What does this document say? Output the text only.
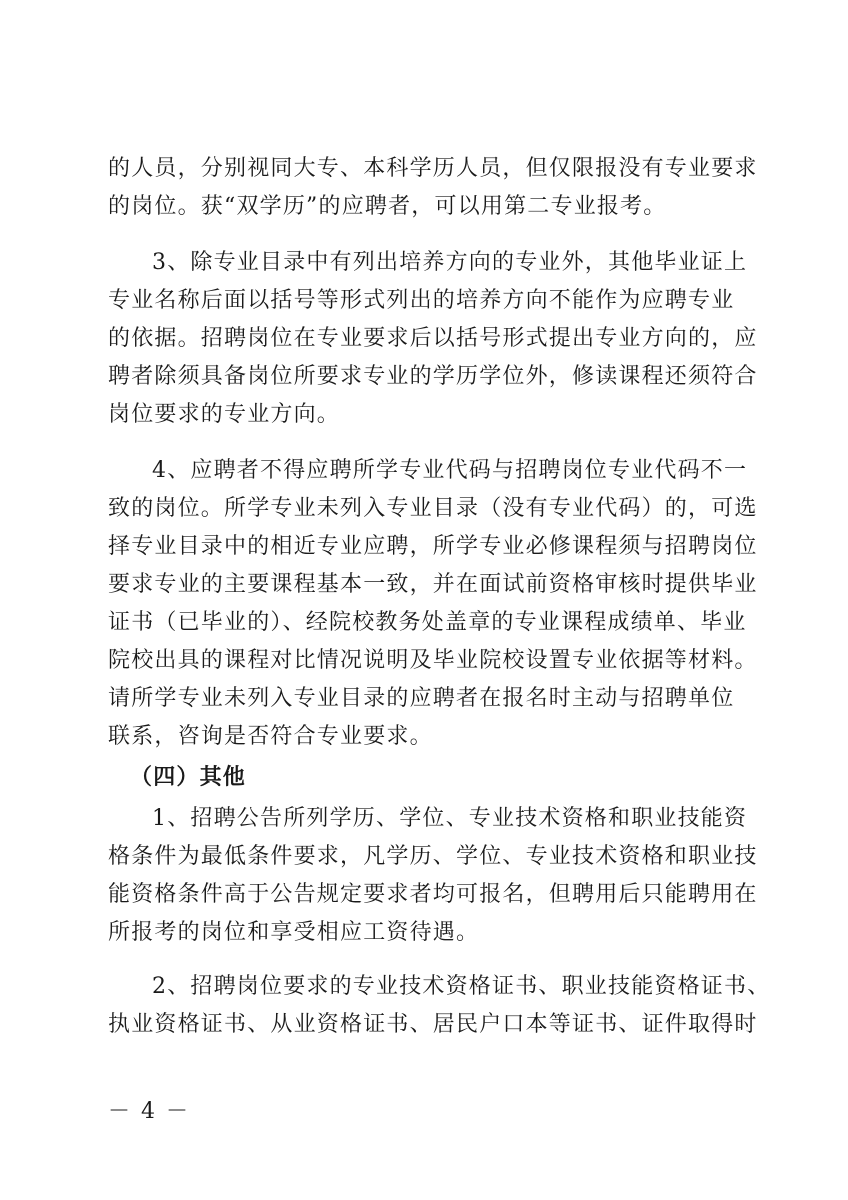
的人员，分别视同大专、本科学历人员，但仅限报没有专业要求
的岗位。获“双学历”的应聘者，可以用第二专业报考。
3、除专业目录中有列出培养方向的专业外，其他毕业证上
专业名称后面以括号等形式列出的培养方向不能作为应聘专业
的依据。招聘岗位在专业要求后以括号形式提出专业方向的，应
聘者除须具备岗位所要求专业的学历学位外，修读课程还须符合
岗位要求的专业方向。
4、应聘者不得应聘所学专业代码与招聘岗位专业代码不一
致的岗位。所学专业未列入专业目录（没有专业代码）的，可选
择专业目录中的相近专业应聘，所学专业必修课程须与招聘岗位
要求专业的主要课程基本一致，并在面试前资格审核时提供毕业
证书（已毕业的）、经院校教务处盖章的专业课程成绩单、毕业
院校出具的课程对比情况说明及毕业院校设置专业依据等材料。
请所学专业未列入专业目录的应聘者在报名时主动与招聘单位
联系，咨询是否符合专业要求。
（四）其他
1、招聘公告所列学历、学位、专业技术资格和职业技能资
格条件为最低条件要求，凡学历、学位、专业技术资格和职业技
能资格条件高于公告规定要求者均可报名，但聘用后只能聘用在
所报考的岗位和享受相应工资待遇。
2、招聘岗位要求的专业技术资格证书、职业技能资格证书、
执业资格证书、从业资格证书、居民户口本等证书、证件取得时
－ 4 －
